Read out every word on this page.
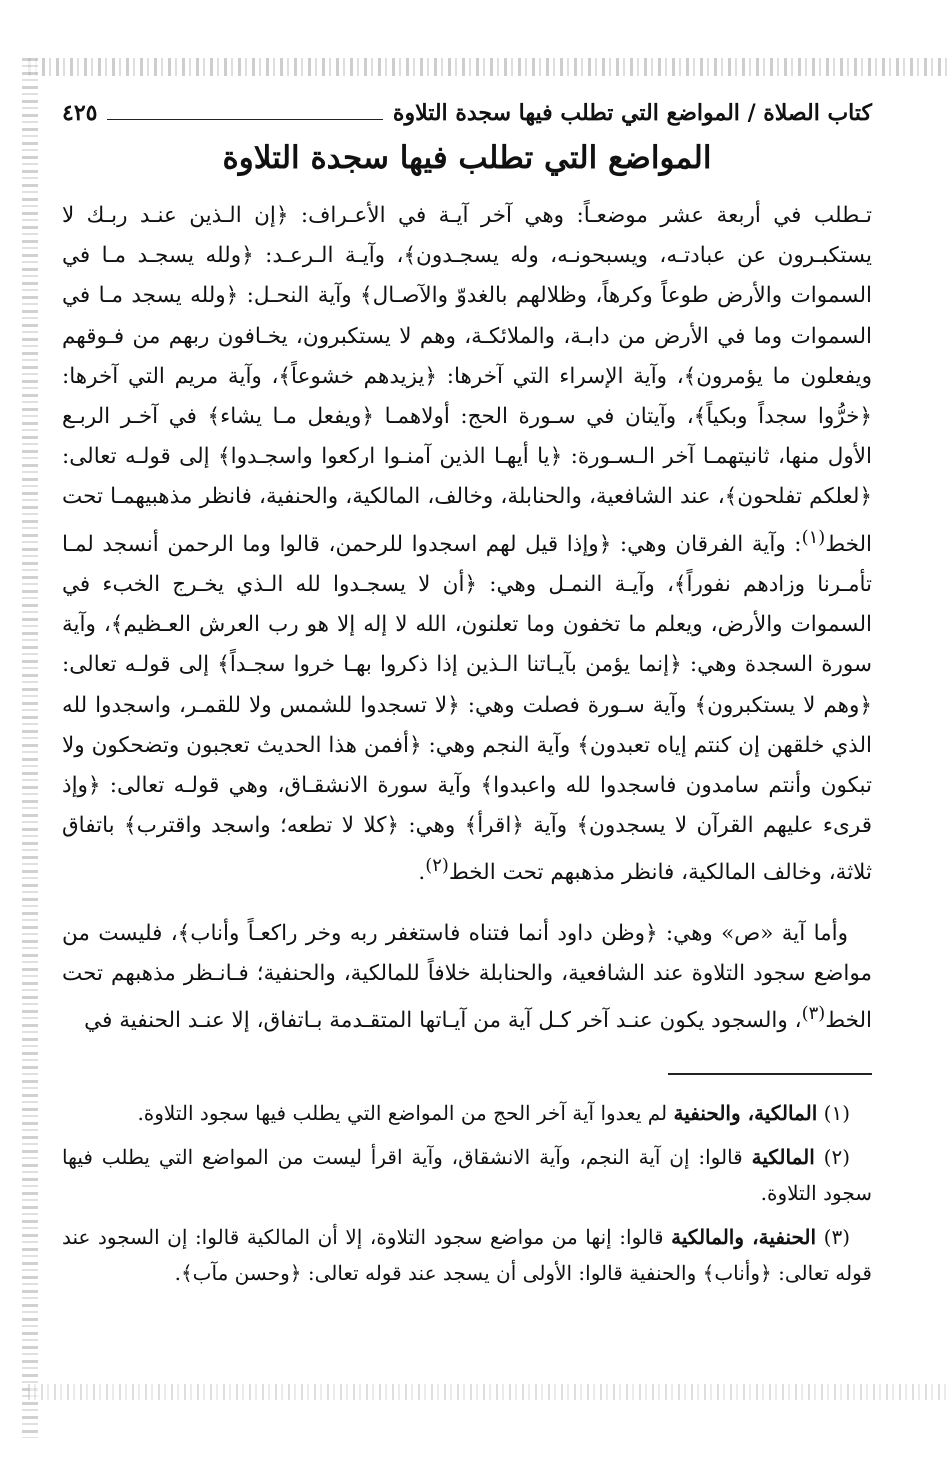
كتاب الصلاة / المواضع التي تطلب فيها سجدة التلاوة
٤٢٥
المواضع التي تطلب فيها سجدة التلاوة

تـطلب في أربعة عشر موضعـاً: وهي آخر آيـة في الأعـراف: ﴿إن الـذين عنـد ربـك لا يستكبـرون عن عبادتـه، ويسبحونـه، وله يسجـدون﴾، وآيـة الـرعـد: ﴿ولله يسجـد مـا في السموات والأرض طوعاً وكرهاً، وظلالهم بالغدوّ والآصـال﴾ وآية النحـل: ﴿ولله يسجد مـا في السموات وما في الأرض من دابـة، والملائكـة، وهم لا يستكبرون، يخـافون ربهم من فـوقهم ويفعلون ما يؤمرون﴾، وآية الإسراء التي آخرها: ﴿يزيدهم خشوعاً﴾، وآية مريم التي آخرها: ﴿خرُّوا سجداً وبكياً﴾، وآيتان في سـورة الحج: أولاهمـا ﴿ويفعل مـا يشاء﴾ في آخـر الربـع الأول منها، ثانيتهمـا آخر الـسـورة: ﴿يا أيهـا الذين آمنـوا اركعوا واسجـدوا﴾ إلى قولـه تعالى: ﴿لعلكم تفلحون﴾، عند الشافعية، والحنابلة، وخالف، المالكية، والحنفية، فانظر مذهبيهمـا تحت الخط$^{(١)}$: وآية الفرقان وهي: ﴿وإذا قيل لهم اسجدوا للرحمن، قالوا وما الرحمن أنسجد لمـا تأمـرنا وزادهم نفوراً﴾، وآيـة النمـل وهي: ﴿أن لا يسجـدوا لله الـذي يخـرج الخبء في السموات والأرض، ويعلم ما تخفون وما تعلنون، الله لا إله إلا هو رب العرش العـظيم﴾، وآية سورة السجدة وهي: ﴿إنما يؤمن بآيـاتنا الـذين إذا ذكروا بهـا خروا سجـداً﴾ إلى قولـه تعالى: ﴿وهم لا يستكبرون﴾ وآية سـورة فصلت وهي: ﴿لا تسجدوا للشمس ولا للقمـر، واسجدوا لله الذي خلقهن إن كنتم إياه تعبدون﴾ وآية النجم وهي: ﴿أفمن هذا الحديث تعجبون وتضحكون ولا تبكون وأنتم سامدون فاسجدوا لله واعبدوا﴾ وآية سورة الانشقـاق، وهي قولـه تعالى: ﴿وإذ قرىء عليهم القرآن لا يسجدون﴾ وآية ﴿اقرأ﴾ وهي: ﴿كلا لا تطعه؛ واسجد واقترب﴾ باتفاق ثلاثة، وخالف المالكية، فانظر مذهبهم تحت الخط$^{(٢)}$.

وأما آية «ص» وهي: ﴿وظن داود أنما فتناه فاستغفر ربه وخر راكعـاً وأناب﴾، فليست من مواضع سجود التلاوة عند الشافعية، والحنابلة خلافاً للمالكية، والحنفية؛ فـانـظر مذهبهم تحت الخط$^{(٣)}$، والسجود يكون عنـد آخر كـل آية من آيـاتها المتقـدمة بـاتفاق، إلا عنـد الحنفية في

(١) المالكية، والحنفية لم يعدوا آية آخر الحج من المواضع التي يطلب فيها سجود التلاوة.

(٢) المالكية قالوا: إن آية النجم، وآية الانشقاق، وآية اقرأ ليست من المواضع التي يطلب فيها سجود التلاوة.

(٣) الحنفية، والمالكية قالوا: إنها من مواضع سجود التلاوة، إلا أن المالكية قالوا: إن السجود عند قوله تعالى: ﴿وأناب﴾ والحنفية قالوا: الأولى أن يسجد عند قوله تعالى: ﴿وحسن مآب﴾.
